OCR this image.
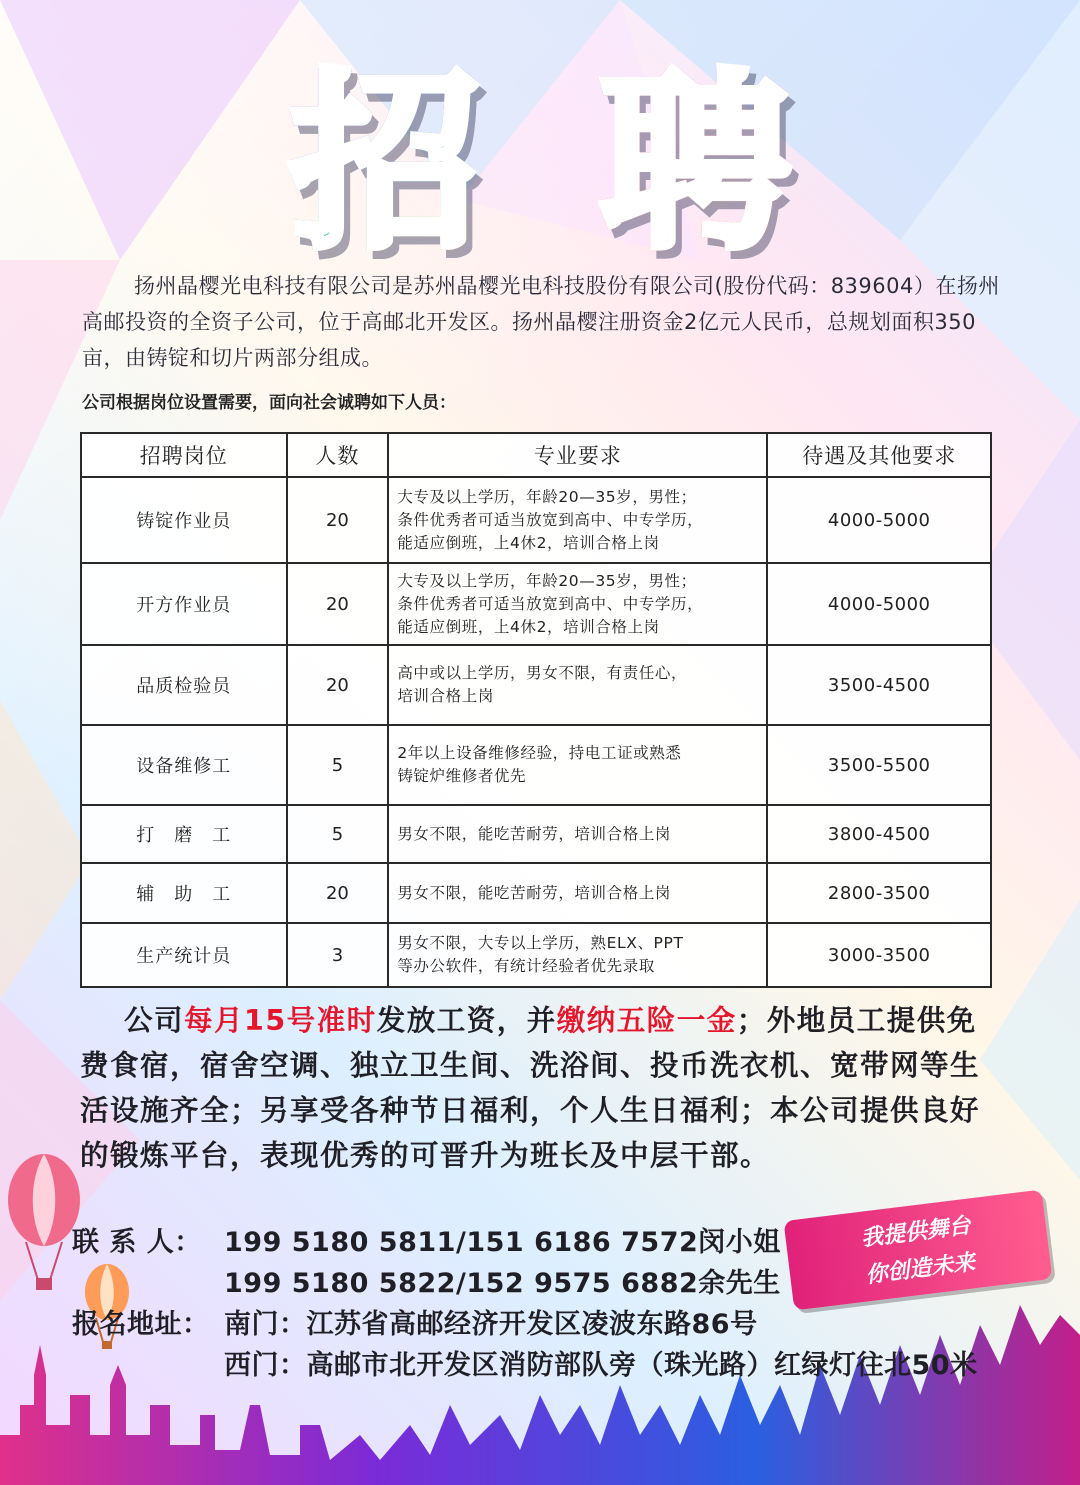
招 聘
扬州晶樱光电科技有限公司是苏州晶樱光电科技股份有限公司(股份代码：839604）在扬州高邮投资的全资子公司，位于高邮北开发区。扬州晶樱注册资金2亿元人民币，总规划面积350亩，由铸锭和切片两部分组成。
公司根据岗位设置需要，面向社会诚聘如下人员：
招聘岗位	人数	专业要求	待遇及其他要求
铸锭作业员	20	大专及以上学历，年龄20—35岁，男性；
条件优秀者可适当放宽到高中、中专学历，
能适应倒班，上4休2，培训合格上岗	4000-5000
开方作业员	20	大专及以上学历，年龄20—35岁，男性；
条件优秀者可适当放宽到高中、中专学历，
能适应倒班，上4休2，培训合格上岗	4000-5000
品质检验员	20	高中或以上学历，男女不限，有责任心，
培训合格上岗	3500-4500
设备维修工	5	2年以上设备维修经验，持电工证或熟悉
铸锭炉维修者优先	3500-5500
打　磨　工	5	男女不限，能吃苦耐劳，培训合格上岗	3800-4500
辅　助　工	20	男女不限，能吃苦耐劳，培训合格上岗	2800-3500
生产统计员	3	男女不限，大专以上学历，熟ELX、PPT
等办公软件，有统计经验者优先录取	3000-3500
公司每月15号准时发放工资，并缴纳五险一金；外地员工提供免费食宿，宿舍空调、独立卫生间、洗浴间、投币洗衣机、宽带网等生活设施齐全；另享受各种节日福利，个人生日福利；本公司提供良好的锻炼平台，表现优秀的可晋升为班长及中层干部。
联 系 人： 199 5180 5811/151 6186 7572闵小姐
199 5180 5822/152 9575 6882余先生
报名地址： 南门：江苏省高邮经济开发区凌波东路86号
西门：高邮市北开发区消防部队旁（珠光路）红绿灯往北50米
我提供舞台
你创造未来
